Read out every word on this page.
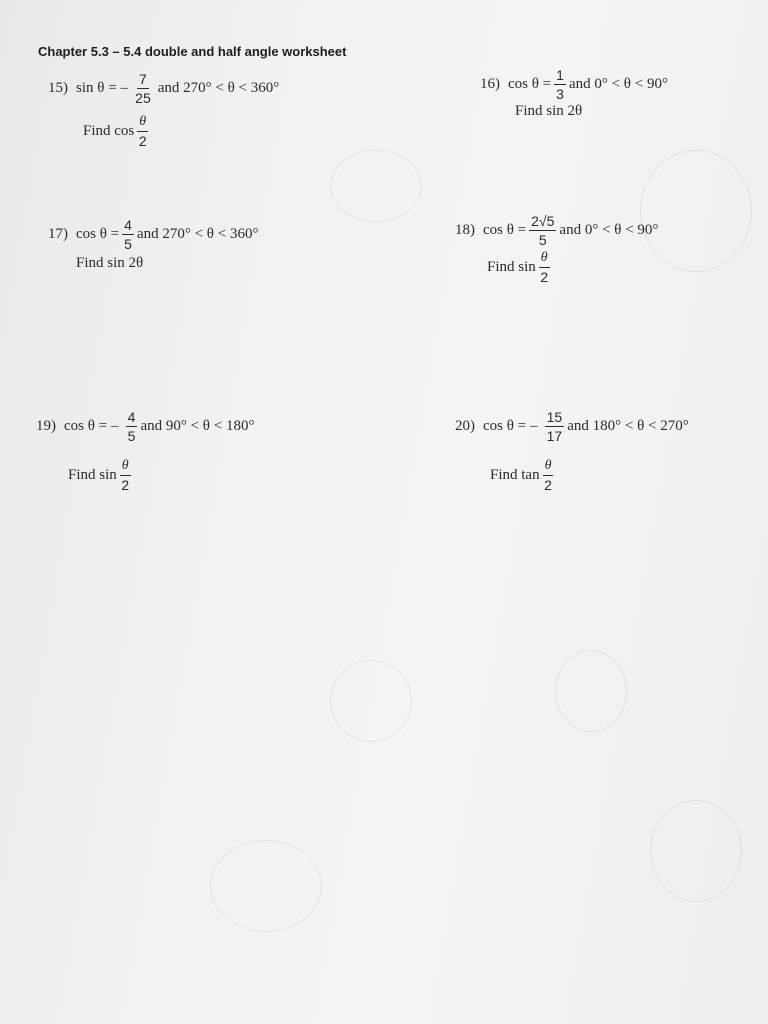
Chapter 5.3 – 5.4 double and half angle worksheet
15) sin θ = – $\frac{7}{25}$ and 270° < θ < 360°
Find $\cos \frac{\theta}{2}$
16) $\cos \theta = \frac{1}{3}$ and 0° < θ < 90°
Find sin 2θ
17) $\cos \theta = \frac{4}{5}$ and 270° < θ < 360°
Find sin 2θ
18) $\cos \theta = \frac{2√5}{5}$ and 0° < θ < 90°
Find $\sin \frac{\theta}{2}$
19) cos θ = – $\frac{4}{5}$ and 90° < θ < 180°
Find $\sin \frac{\theta}{2}$
20) cos θ = – $\frac{15}{17}$ and 180° < θ < 270°
Find $\tan \frac{\theta}{2}$
